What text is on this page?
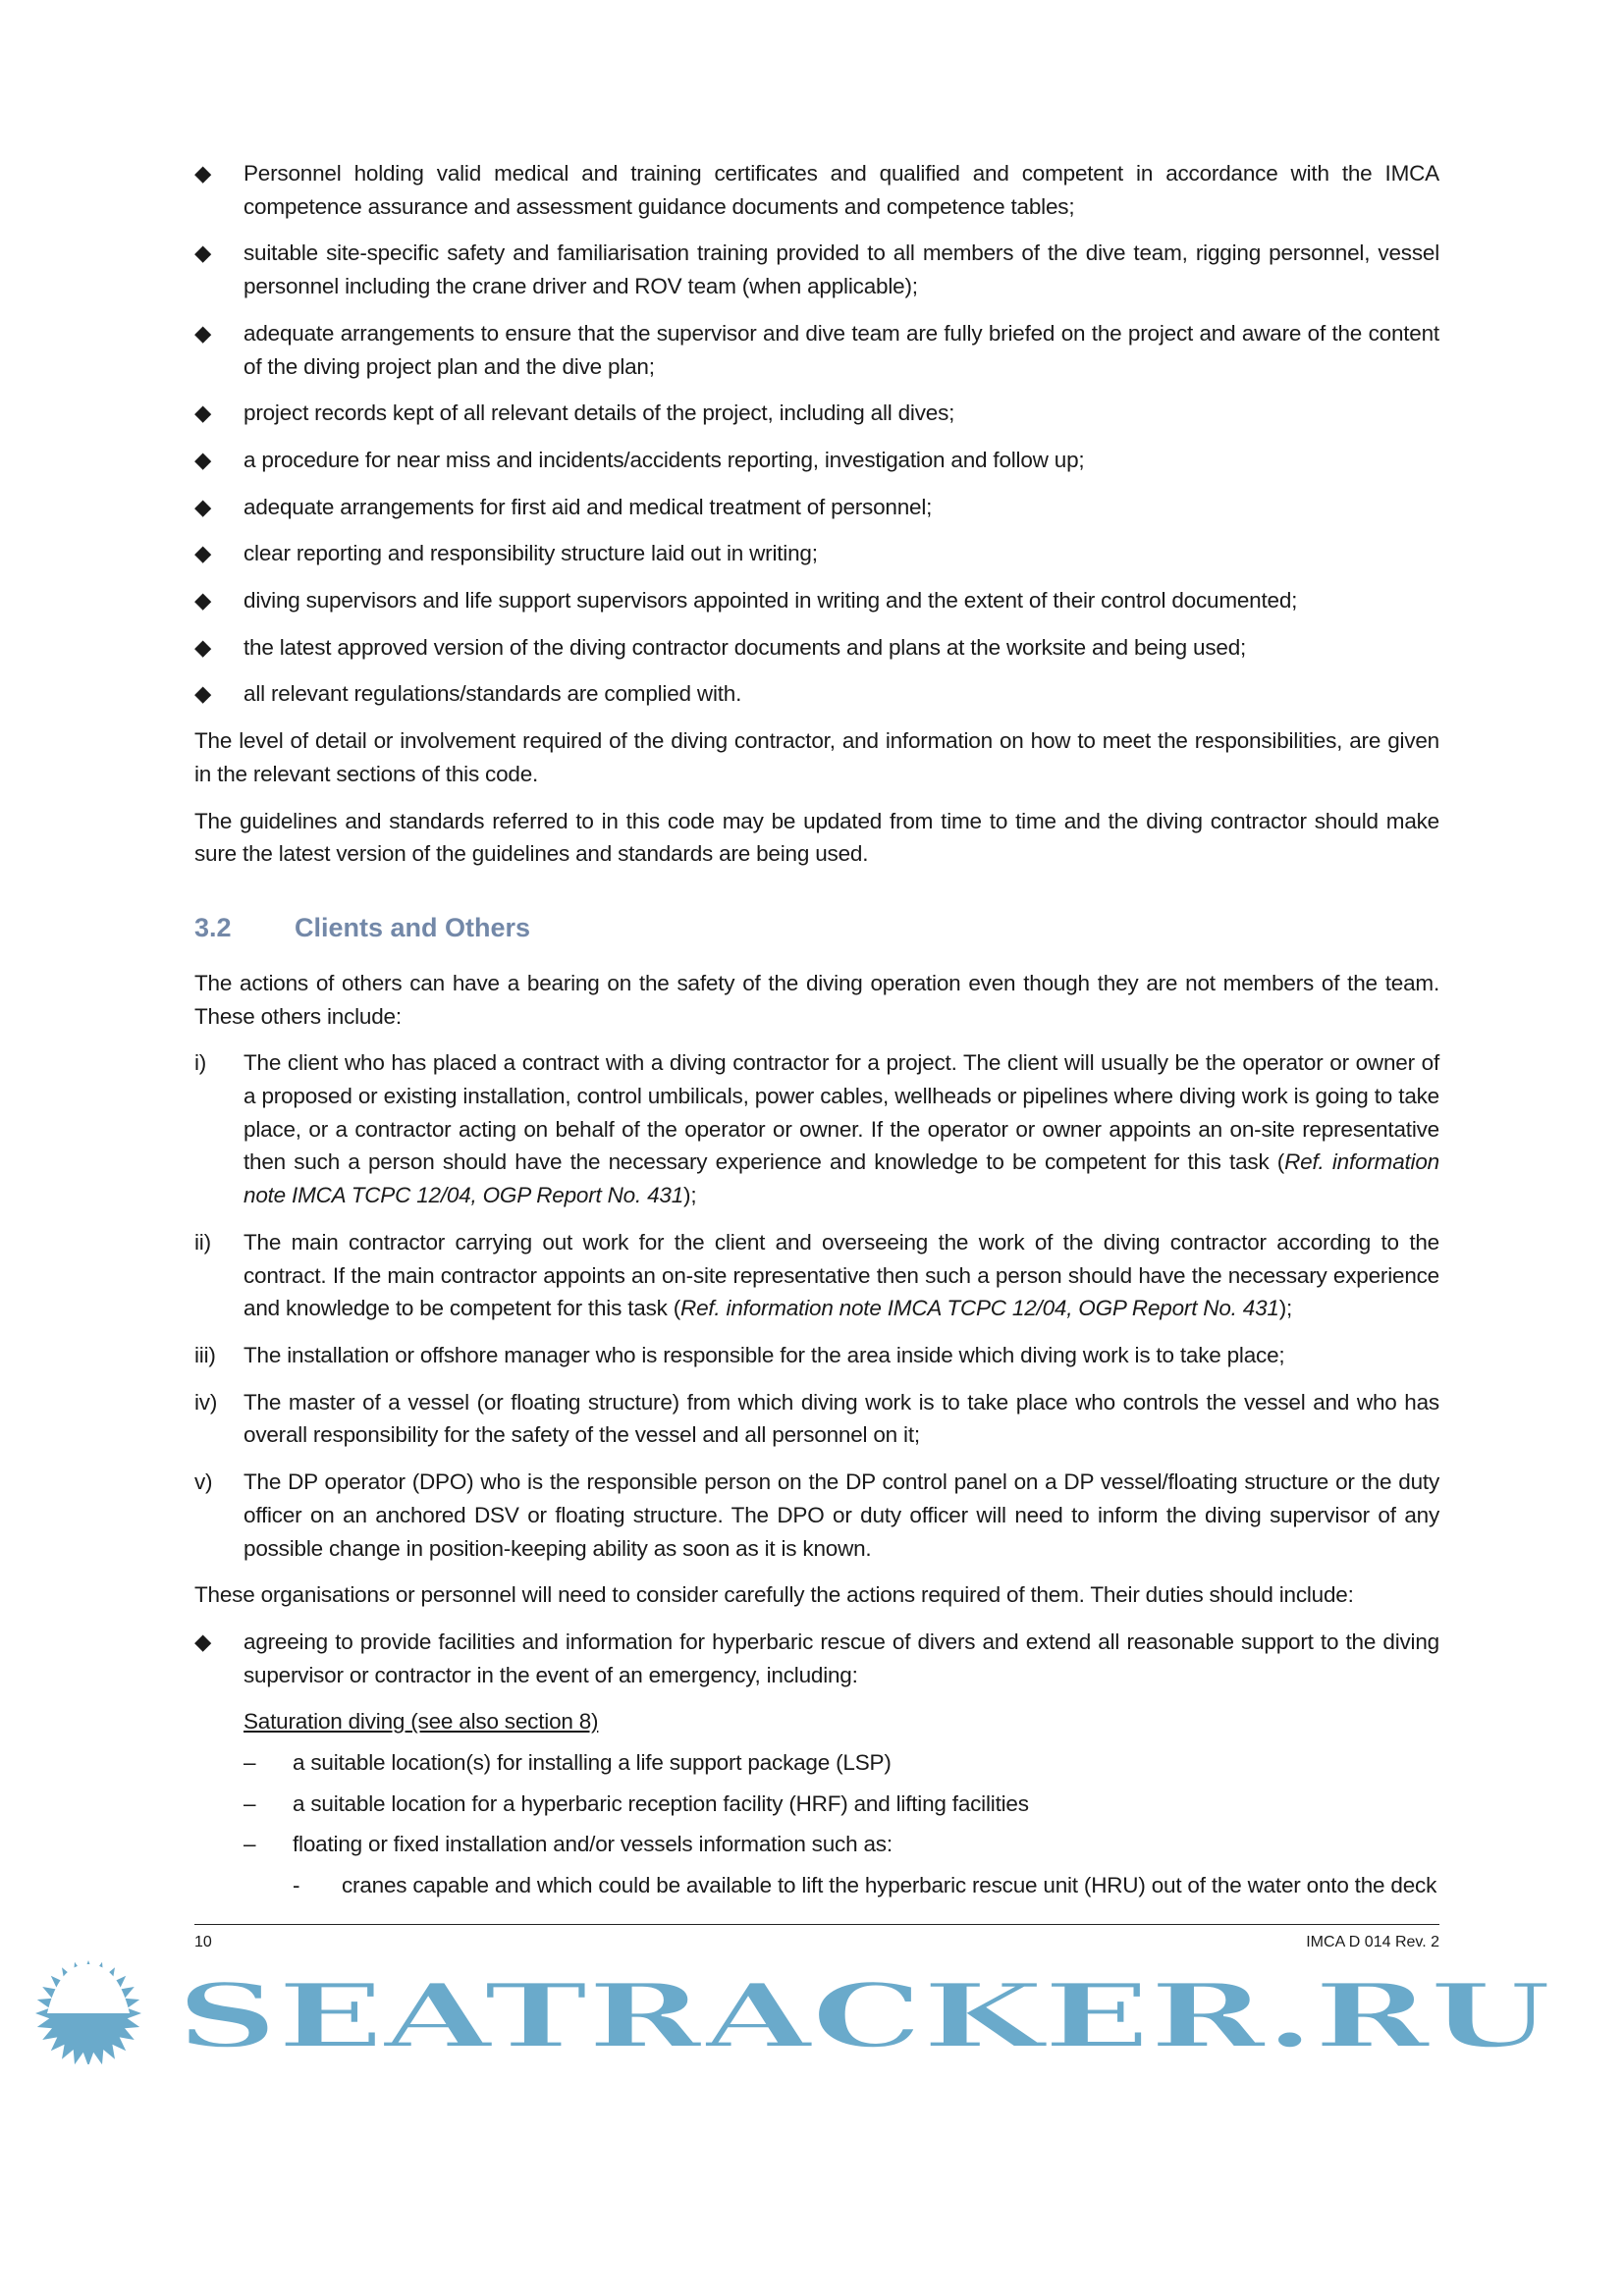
◆ Personnel holding valid medical and training certificates and qualified and competent in accordance with the IMCA competence assurance and assessment guidance documents and competence tables;
◆ suitable site-specific safety and familiarisation training provided to all members of the dive team, rigging personnel, vessel personnel including the crane driver and ROV team (when applicable);
◆ adequate arrangements to ensure that the supervisor and dive team are fully briefed on the project and aware of the content of the diving project plan and the dive plan;
◆ project records kept of all relevant details of the project, including all dives;
◆ a procedure for near miss and incidents/accidents reporting, investigation and follow up;
◆ adequate arrangements for first aid and medical treatment of personnel;
◆ clear reporting and responsibility structure laid out in writing;
◆ diving supervisors and life support supervisors appointed in writing and the extent of their control documented;
◆ the latest approved version of the diving contractor documents and plans at the worksite and being used;
◆ all relevant regulations/standards are complied with.
The level of detail or involvement required of the diving contractor, and information on how to meet the responsibilities, are given in the relevant sections of this code.
The guidelines and standards referred to in this code may be updated from time to time and the diving contractor should make sure the latest version of the guidelines and standards are being used.
3.2 Clients and Others
The actions of others can have a bearing on the safety of the diving operation even though they are not members of the team. These others include:
i) The client who has placed a contract with a diving contractor for a project. The client will usually be the operator or owner of a proposed or existing installation, control umbilicals, power cables, wellheads or pipelines where diving work is going to take place, or a contractor acting on behalf of the operator or owner. If the operator or owner appoints an on-site representative then such a person should have the necessary experience and knowledge to be competent for this task (Ref. information note IMCA TCPC 12/04, OGP Report No. 431);
ii) The main contractor carrying out work for the client and overseeing the work of the diving contractor according to the contract. If the main contractor appoints an on-site representative then such a person should have the necessary experience and knowledge to be competent for this task (Ref. information note IMCA TCPC 12/04, OGP Report No. 431);
iii) The installation or offshore manager who is responsible for the area inside which diving work is to take place;
iv) The master of a vessel (or floating structure) from which diving work is to take place who controls the vessel and who has overall responsibility for the safety of the vessel and all personnel on it;
v) The DP operator (DPO) who is the responsible person on the DP control panel on a DP vessel/floating structure or the duty officer on an anchored DSV or floating structure. The DPO or duty officer will need to inform the diving supervisor of any possible change in position-keeping ability as soon as it is known.
These organisations or personnel will need to consider carefully the actions required of them. Their duties should include:
◆ agreeing to provide facilities and information for hyperbaric rescue of divers and extend all reasonable support to the diving supervisor or contractor in the event of an emergency, including:
Saturation diving (see also section 8)
– a suitable location(s) for installing a life support package (LSP)
– a suitable location for a hyperbaric reception facility (HRF) and lifting facilities
– floating or fixed installation and/or vessels information such as:
- cranes capable and which could be available to lift the hyperbaric rescue unit (HRU) out of the water onto the deck
10	IMCA D 014 Rev. 2
SEATRACKER.RU
